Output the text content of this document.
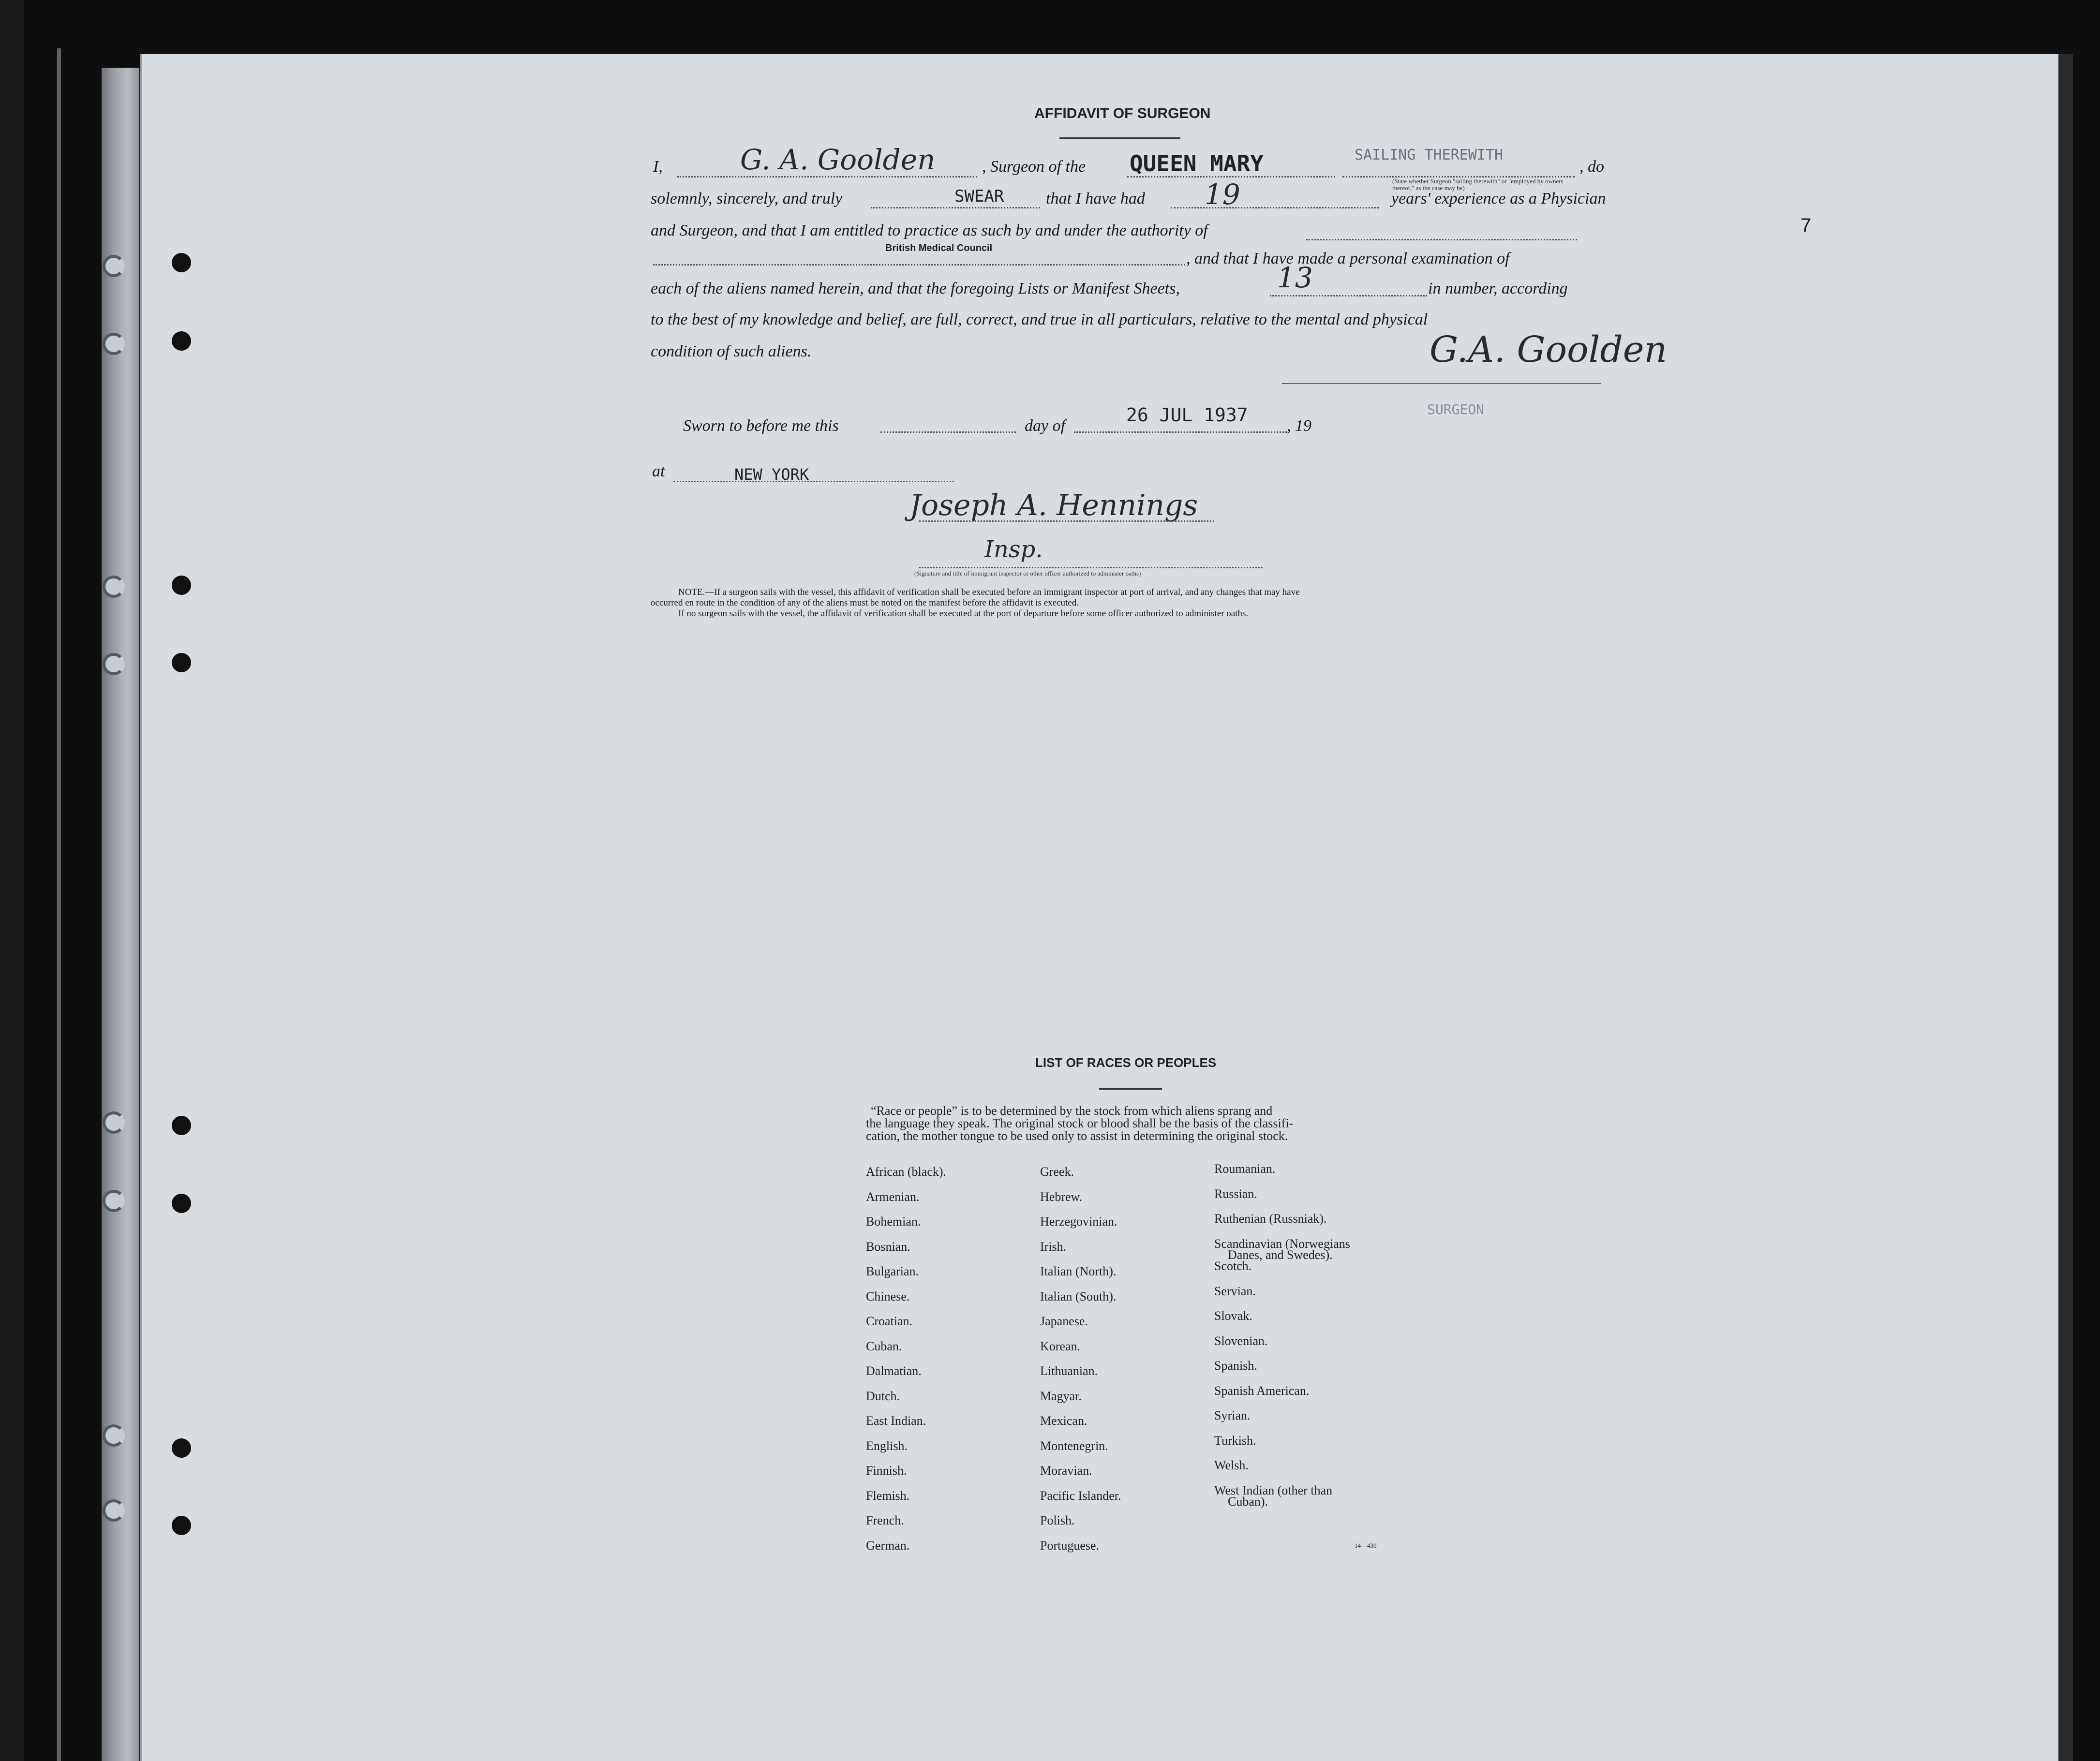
7
AFFIDAVIT OF SURGEON
I,	G. A. Goolden	, Surgeon of the QUEEN MARY	SAILING THEREWITH
, do
(State whether Surgeon "sailing therewith" or "employed by owners thereof," as the case may be)
solemnly, sincerely, and truly	SWEAR	that I have had 19	years' experience as a Physician
and Surgeon, and that I am entitled to practice as such by and under the authority of
British Medical Council
, and that I have made a personal examination of
each of the aliens named herein, and that the foregoing Lists or Manifest Sheets,	13	in number, according
to the best of my knowledge and belief, are full, correct, and true in all particulars, relative to the mental and physical
condition of such aliens.	G.A. Goolden
SURGEON
Sworn to before me this	day of
26 JUL 1937
, 19
at	NEW YORK
Joseph A. Hennings
Insp.
(Signature and title of immigrant inspector or other officer authorized to administer oaths)
NOTE.—If a surgeon sails with the vessel, this affidavit of verification shall be executed before an immigrant inspector at port of arrival, and any changes that may have
occurred en route in the condition of any of the aliens must be noted on the manifest before the affidavit is executed.
If no surgeon sails with the vessel, the affidavit of verification shall be executed at the port of departure before some officer authorized to administer oaths.
LIST OF RACES OR PEOPLES
“Race or people” is to be determined by the stock from which aliens sprang and
the language they speak. The original stock or blood shall be the basis of the classifi-
cation, the mother tongue to be used only to assist in determining the original stock.
African (black).
Armenian.
Bohemian.
Bosnian.
Bulgarian.
Chinese.
Croatian.
Cuban.
Dalmatian.
Dutch.
East Indian.
English.
Finnish.
Flemish.
French.
German.
Greek.
Hebrew.
Herzegovinian.
Irish.
Italian (North).
Italian (South).
Japanese.
Korean.
Lithuanian.
Magyar.
Mexican.
Montenegrin.
Moravian.
Pacific Islander.
Polish.
Portuguese.
Roumanian.
Russian.
Ruthenian (Russniak).
Scandinavian (Norwegians
Danes, and Swedes).
Scotch.
Servian.
Slovak.
Slovenian.
Spanish.
Spanish American.
Syrian.
Turkish.
Welsh.
West Indian (other than
Cuban).
14—430
